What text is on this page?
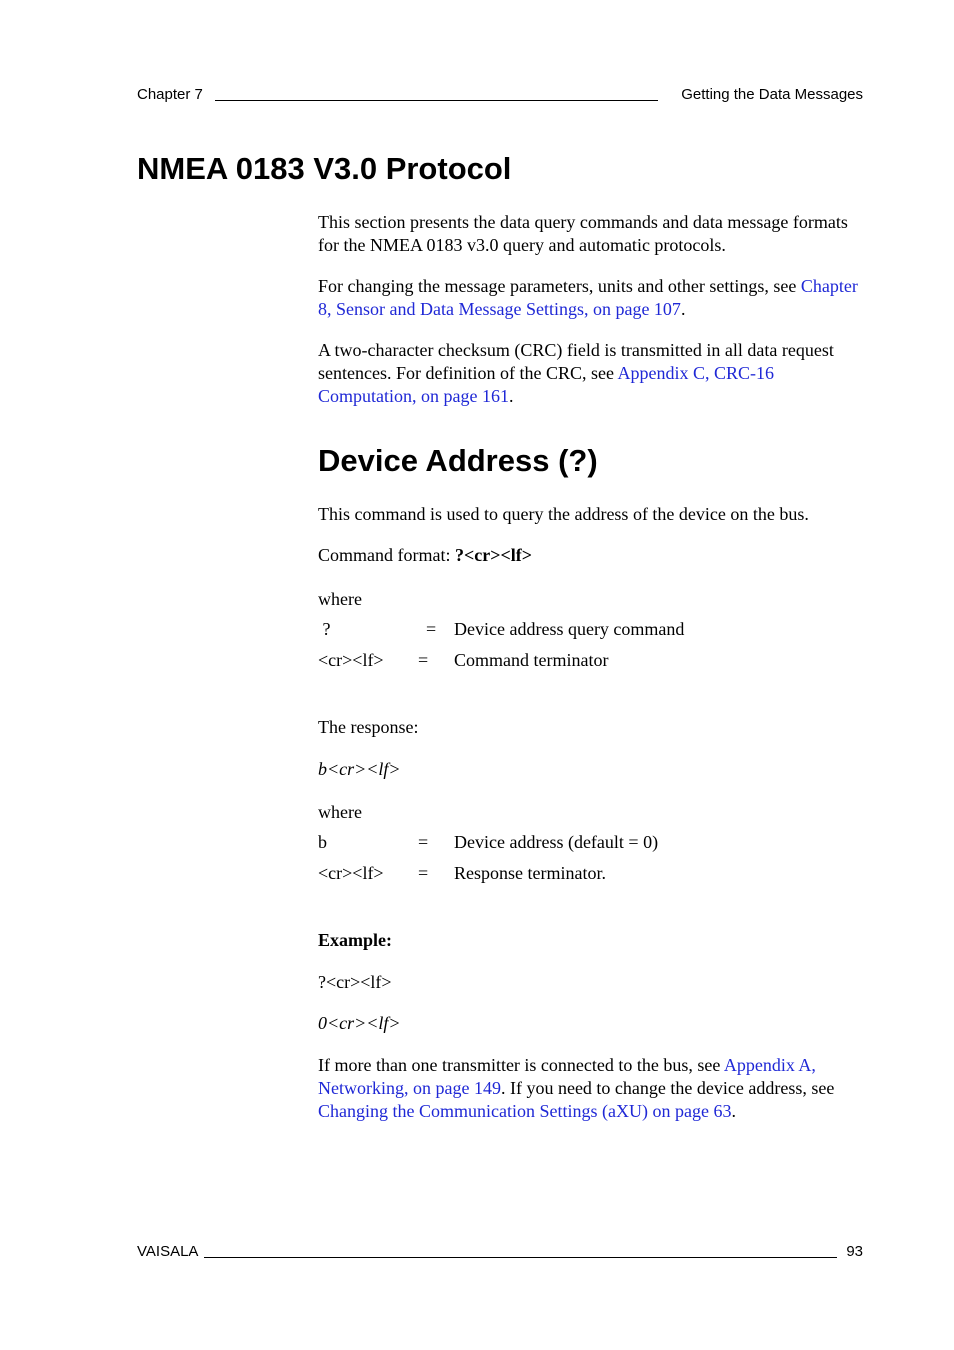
Chapter 7	Getting the Data Messages
NMEA 0183 V3.0 Protocol

This section presents the data query commands and data message formats for the NMEA 0183 v3.0 query and automatic protocols.

For changing the message parameters, units and other settings, see Chapter 8, Sensor and Data Message Settings, on page 107.

A two-character checksum (CRC) field is transmitted in all data request sentences. For definition of the CRC, see Appendix C, CRC-16 Computation, on page 161.

Device Address (?)

This command is used to query the address of the device on the bus.

Command format: ?<cr><lf>

where

?	= Device address query command
<cr><lf> = Command terminator

The response:

b<cr><lf>

where

b	= Device address (default = 0)
<cr><lf> = Response terminator.

Example:

?<cr><lf>

0<cr><lf>

If more than one transmitter is connected to the bus, see Appendix A, Networking, on page 149. If you need to change the device address, see Changing the Communication Settings (aXU) on page 63.

VAISALA	93
